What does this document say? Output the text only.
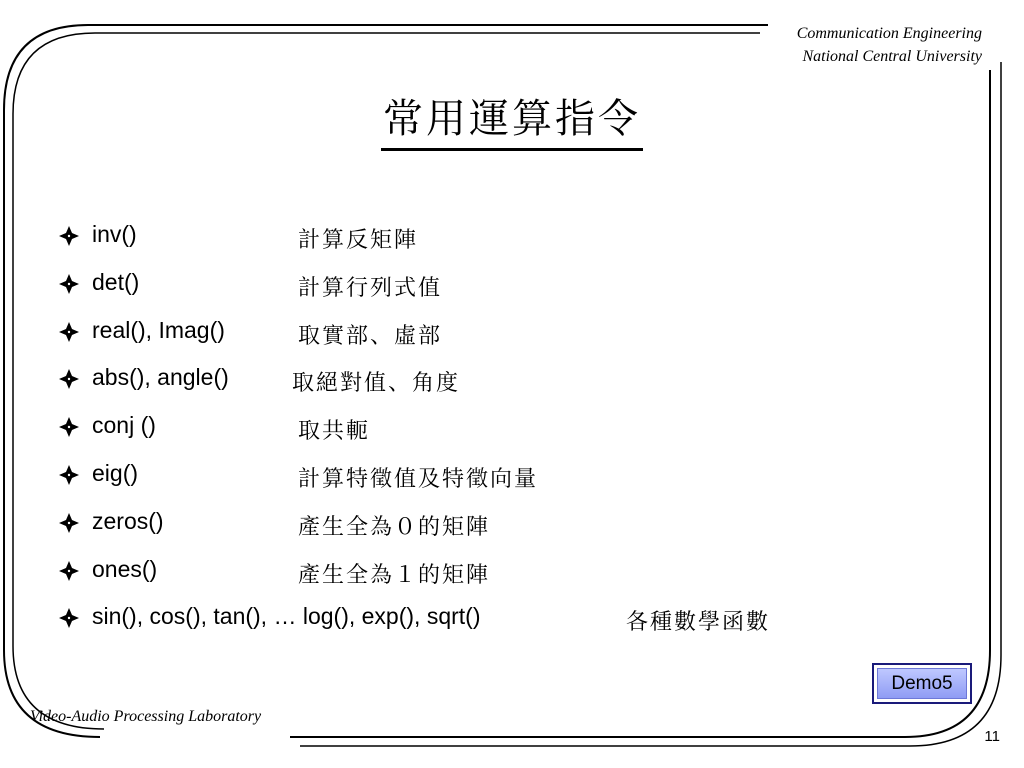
Communication Engineering
National Central University
常用運算指令
inv()	計算反矩陣
det()	計算行列式值
real(), Imag()	取實部、虛部
abs(), angle()	取絕對值、角度
conj ()	取共軛
eig()	計算特徵值及特徵向量
zeros()	產生全為０的矩陣
ones()	產生全為１的矩陣
sin(), cos(), tan(), … log(), exp(), sqrt()	各種數學函數
Demo5
Video-Audio Processing Laboratory
11
